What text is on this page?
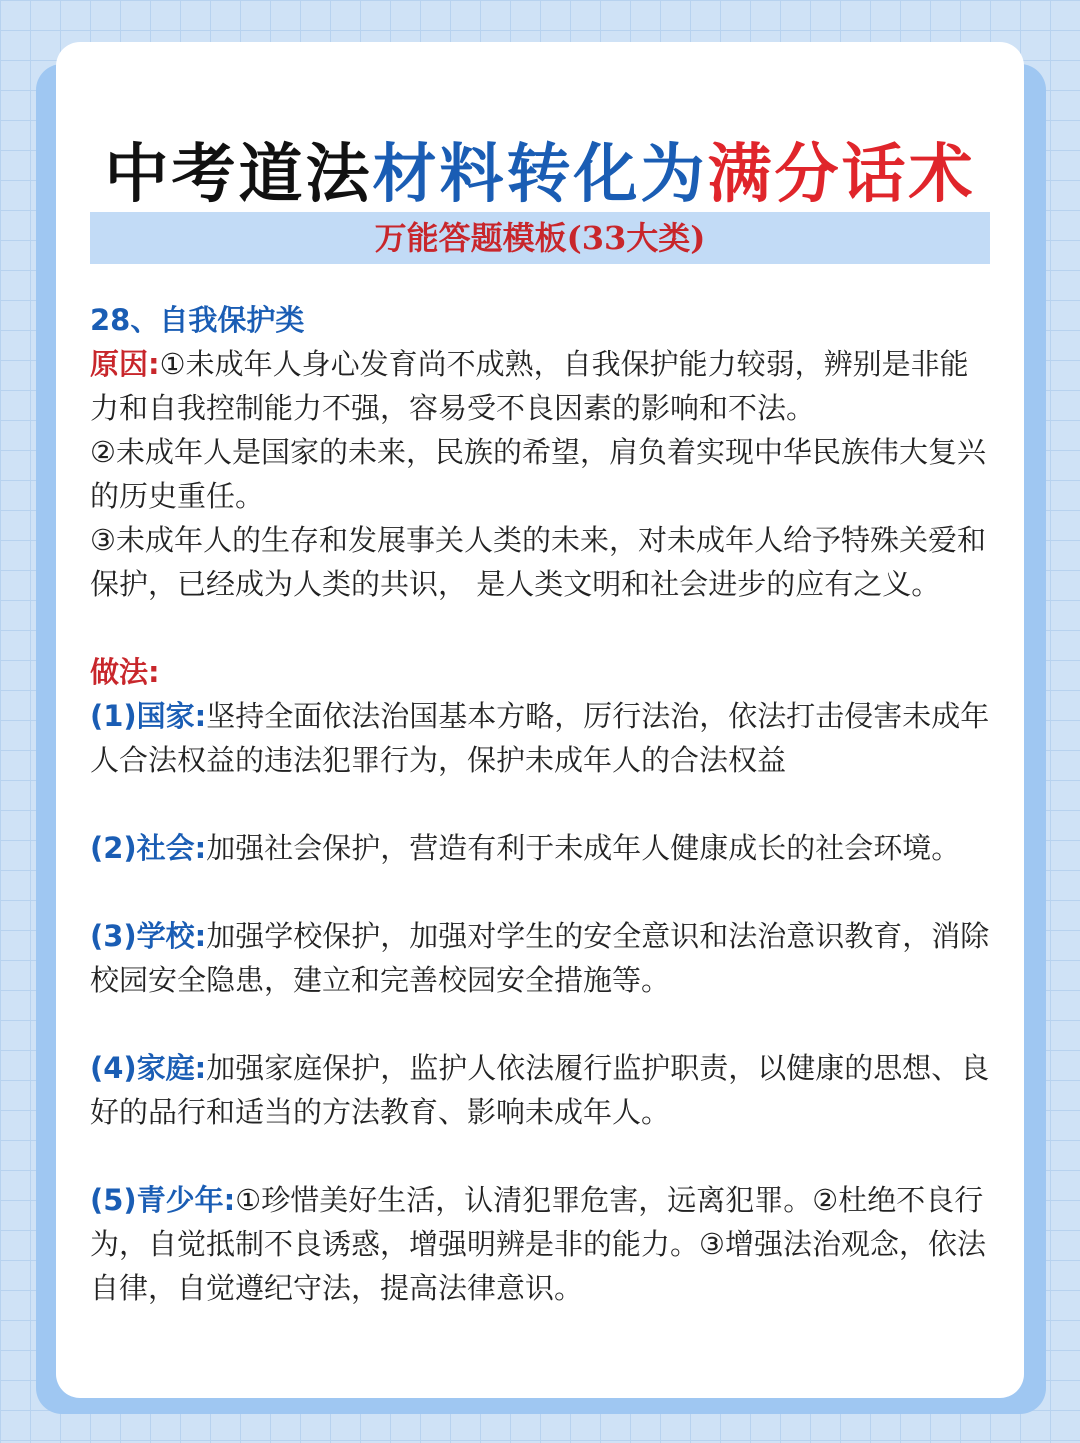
中考道法材料转化为满分话术
万能答题模板(33大类)

28、自我保护类

原因:①未成年人身心发育尚不成熟，自我保护能力较弱，辨别是非能力和自我控制能力不强，容易受不良因素的影响和不法。

②未成年人是国家的未来，民族的希望，肩负着实现中华民族伟大复兴的历史重任。

③未成年人的生存和发展事关人类的未来，对未成年人给予特殊关爱和保护，已经成为人类的共识， 是人类文明和社会进步的应有之义。

做法:

(1)国家:坚持全面依法治国基本方略，厉行法治，依法打击侵害未成年人合法权益的违法犯罪行为，保护未成年人的合法权益

(2)社会:加强社会保护，营造有利于未成年人健康成长的社会环境。

(3)学校:加强学校保护，加强对学生的安全意识和法治意识教育，消除校园安全隐患，建立和完善校园安全措施等。

(4)家庭:加强家庭保护，监护人依法履行监护职责，以健康的思想、良好的品行和适当的方法教育、影响未成年人。

(5)青少年:①珍惜美好生活，认清犯罪危害，远离犯罪。②杜绝不良行为，自觉抵制不良诱惑，增强明辨是非的能力。③增强法治观念，依法自律，自觉遵纪守法，提高法律意识。
